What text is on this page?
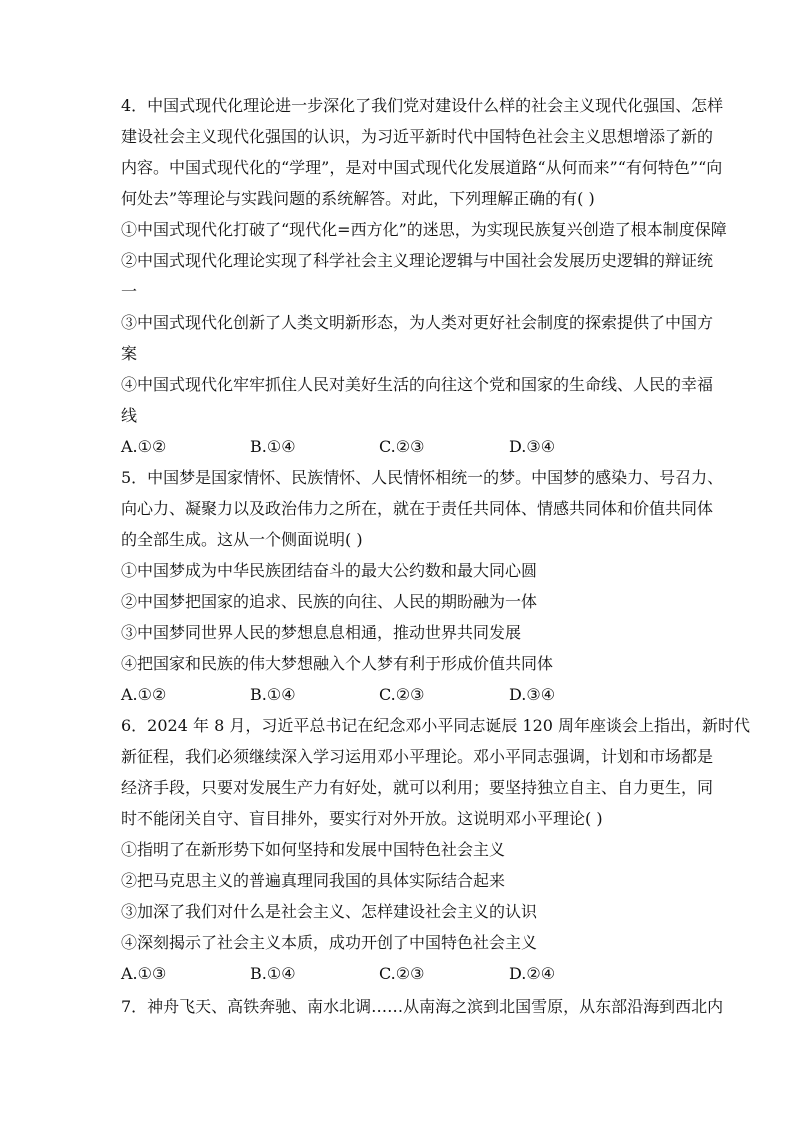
4．中国式现代化理论进一步深化了我们党对建设什么样的社会主义现代化强国、怎样
建设社会主义现代化强国的认识，为习近平新时代中国特色社会主义思想增添了新的
内容。中国式现代化的“学理”，是对中国式现代化发展道路“从何而来”“有何特色”“向
何处去”等理论与实践问题的系统解答。对此，下列理解正确的有( )
①中国式现代化打破了“现代化=西方化”的迷思，为实现民族复兴创造了根本制度保障
②中国式现代化理论实现了科学社会主义理论逻辑与中国社会发展历史逻辑的辩证统
一
③中国式现代化创新了人类文明新形态，为人类对更好社会制度的探索提供了中国方
案
④中国式现代化牢牢抓住人民对美好生活的向往这个党和国家的生命线、人民的幸福
线
A.①②	B.①④	C.②③	D.③④
5．中国梦是国家情怀、民族情怀、人民情怀相统一的梦。中国梦的感染力、号召力、
向心力、凝聚力以及政治伟力之所在，就在于责任共同体、情感共同体和价值共同体
的全部生成。这从一个侧面说明( )
①中国梦成为中华民族团结奋斗的最大公约数和最大同心圆
②中国梦把国家的追求、民族的向往、人民的期盼融为一体
③中国梦同世界人民的梦想息息相通，推动世界共同发展
④把国家和民族的伟大梦想融入个人梦有利于形成价值共同体
A.①②	B.①④	C.②③	D.③④
6．2024 年 8 月，习近平总书记在纪念邓小平同志诞辰 120 周年座谈会上指出，新时代
新征程，我们必须继续深入学习运用邓小平理论。邓小平同志强调，计划和市场都是
经济手段，只要对发展生产力有好处，就可以利用；要坚持独立自主、自力更生，同
时不能闭关自守、盲目排外，要实行对外开放。这说明邓小平理论( )
①指明了在新形势下如何坚持和发展中国特色社会主义
②把马克思主义的普遍真理同我国的具体实际结合起来
③加深了我们对什么是社会主义、怎样建设社会主义的认识
④深刻揭示了社会主义本质，成功开创了中国特色社会主义
A.①③	B.①④	C.②③	D.②④
7．神舟飞天、高铁奔驰、南水北调……从南海之滨到北国雪原，从东部沿海到西北内
